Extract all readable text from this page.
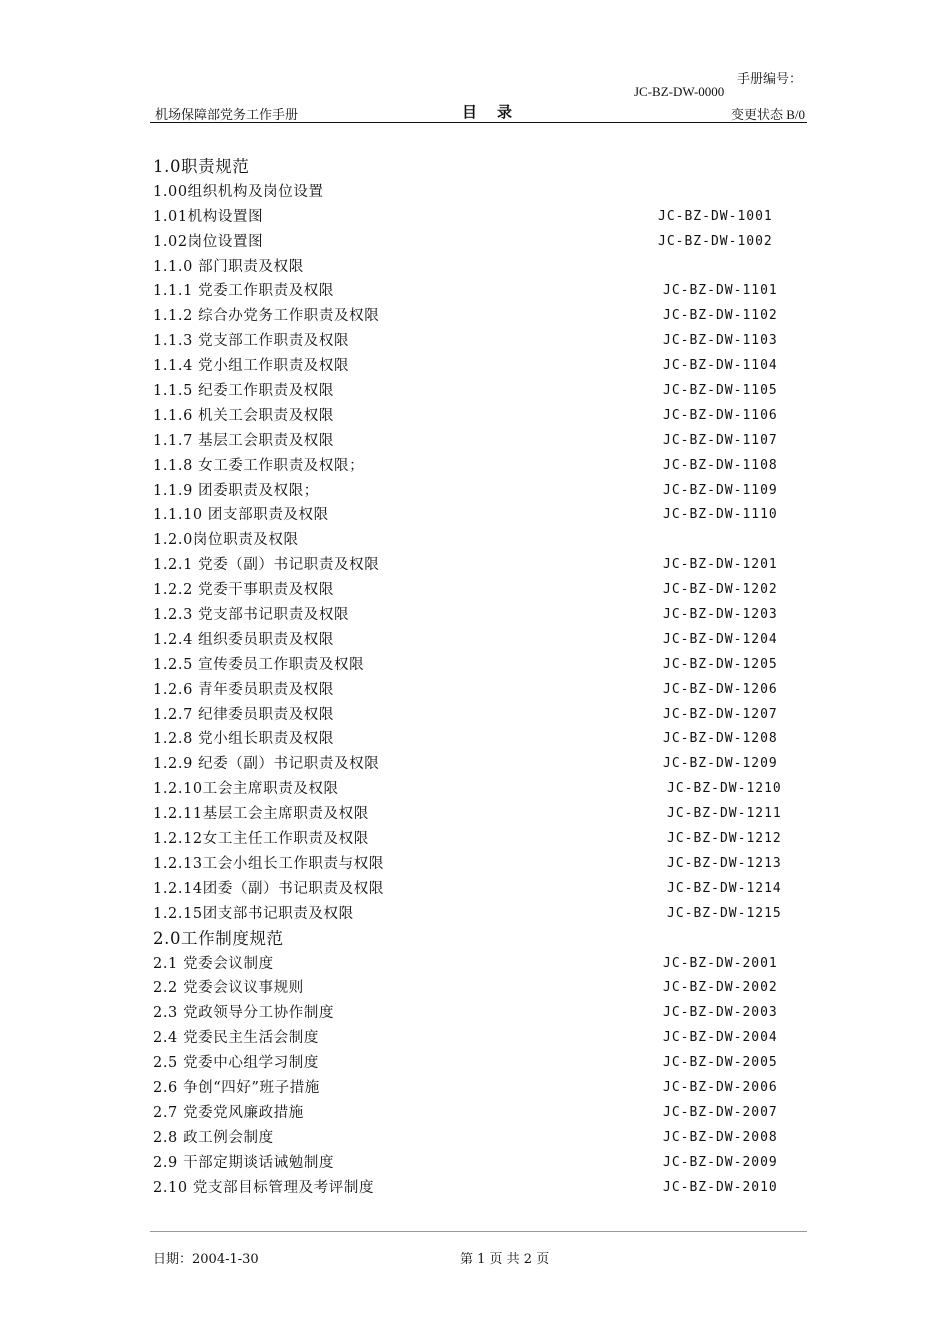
手册编号：
JC-BZ-DW-0000
机场保障部党务工作手册	目录	变更状态 B/0
1.0职责规范
1.00组织机构及岗位设置
1.01机构设置图	JC-BZ-DW-1001
1.02岗位设置图	JC-BZ-DW-1002
1.1.0 部门职责及权限
1.1.1 党委工作职责及权限	JC-BZ-DW-1101
1.1.2 综合办党务工作职责及权限	JC-BZ-DW-1102
1.1.3 党支部工作职责及权限	JC-BZ-DW-1103
1.1.4 党小组工作职责及权限	JC-BZ-DW-1104
1.1.5 纪委工作职责及权限	JC-BZ-DW-1105
1.1.6 机关工会职责及权限	JC-BZ-DW-1106
1.1.7 基层工会职责及权限	JC-BZ-DW-1107
1.1.8 女工委工作职责及权限；	JC-BZ-DW-1108
1.1.9 团委职责及权限；	JC-BZ-DW-1109
1.1.10 团支部职责及权限	JC-BZ-DW-1110
1.2.0岗位职责及权限
1.2.1 党委（副）书记职责及权限	JC-BZ-DW-1201
1.2.2 党委干事职责及权限	JC-BZ-DW-1202
1.2.3 党支部书记职责及权限	JC-BZ-DW-1203
1.2.4 组织委员职责及权限	JC-BZ-DW-1204
1.2.5 宣传委员工作职责及权限	JC-BZ-DW-1205
1.2.6 青年委员职责及权限	JC-BZ-DW-1206
1.2.7 纪律委员职责及权限	JC-BZ-DW-1207
1.2.8 党小组长职责及权限	JC-BZ-DW-1208
1.2.9 纪委（副）书记职责及权限	JC-BZ-DW-1209
1.2.10工会主席职责及权限	JC-BZ-DW-1210
1.2.11基层工会主席职责及权限	JC-BZ-DW-1211
1.2.12女工主任工作职责及权限	JC-BZ-DW-1212
1.2.13工会小组长工作职责与权限	JC-BZ-DW-1213
1.2.14团委（副）书记职责及权限	JC-BZ-DW-1214
1.2.15团支部书记职责及权限	JC-BZ-DW-1215
2.0工作制度规范
2.1 党委会议制度	JC-BZ-DW-2001
2.2 党委会议议事规则	JC-BZ-DW-2002
2.3 党政领导分工协作制度	JC-BZ-DW-2003
2.4 党委民主生活会制度	JC-BZ-DW-2004
2.5 党委中心组学习制度	JC-BZ-DW-2005
2.6 争创“四好”班子措施	JC-BZ-DW-2006
2.7 党委党风廉政措施	JC-BZ-DW-2007
2.8 政工例会制度	JC-BZ-DW-2008
2.9 干部定期谈话诫勉制度	JC-BZ-DW-2009
2.10 党支部目标管理及考评制度	JC-BZ-DW-2010
日期：2004-1-30	第 1 页 共 2 页
